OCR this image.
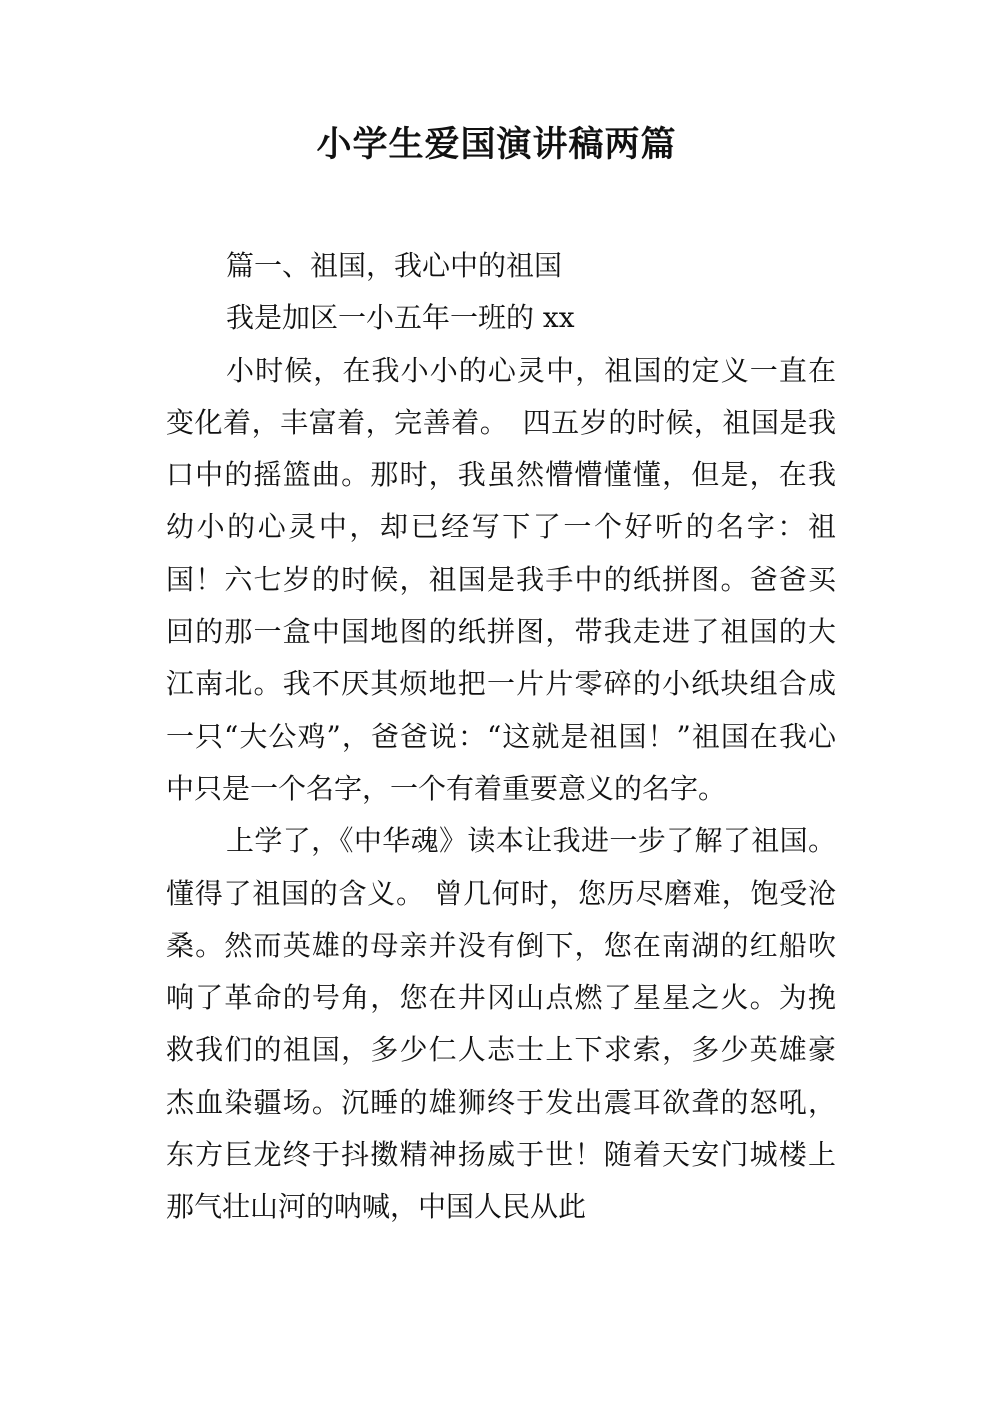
小学生爱国演讲稿两篇

篇一、祖国，我心中的祖国

我是加区一小五年一班的 xx

小时候，在我小小的心灵中，祖国的定义一直在变化着，丰富着，完善着。　四五岁的时候，祖国是我口中的摇篮曲。那时，我虽然懵懵懂懂，但是，在我幼小的心灵中，却已经写下了一个好听的名字：祖国！六七岁的时候，祖国是我手中的纸拼图。爸爸买回的那一盒中国地图的纸拼图，带我走进了祖国的大江南北。我不厌其烦地把一片片零碎的小纸块组合成一只“大公鸡”，爸爸说：“这就是祖国！”祖国在我心中只是一个名字，一个有着重要意义的名字。

上学了，《中华魂》读本让我进一步了解了祖国。懂得了祖国的含义。 曾几何时，您历尽磨难，饱受沧桑。然而英雄的母亲并没有倒下，您在南湖的红船吹响了革命的号角，您在井冈山点燃了星星之火。为挽救我们的祖国，多少仁人志士上下求索，多少英雄豪杰血染疆场。沉睡的雄狮终于发出震耳欲聋的怒吼，东方巨龙终于抖擞精神扬威于世！随着天安门城楼上那气壮山河的呐喊，中国人民从此
